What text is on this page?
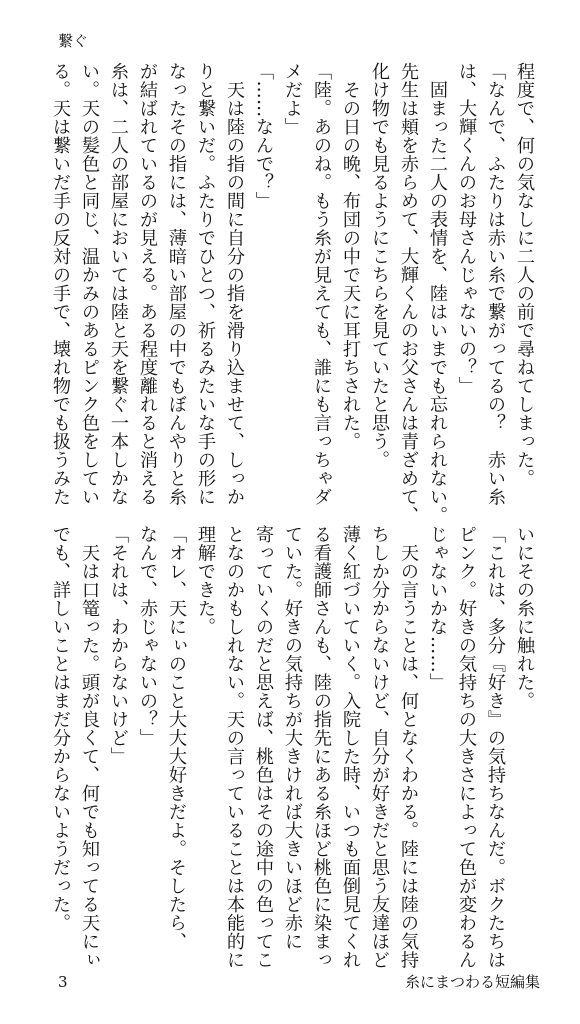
繋ぐ
程度で、何の気なしに二人の前で尋ねてしまった。
「なんで、ふたりは赤い糸で繋がってるの？　赤い糸
は、大輝くんのお母さんじゃないの？」
　固まった二人の表情を、陸はいまでも忘れられない。
先生は頬を赤らめて、大輝くんのお父さんは青ざめて、
化け物でも見るようにこちらを見ていたと思う。
　その日の晩、布団の中で天に耳打ちされた。
「陸。あのね。もう糸が見えても、誰にも言っちゃダ
メだよ」
「……なんで？」
　天は陸の指の間に自分の指を滑り込ませて、しっか
りと繋いだ。ふたりでひとつ、祈るみたいな手の形に
なったその指には、薄暗い部屋の中でもぼんやりと糸
が結ばれているのが見える。ある程度離れると消える
糸は、二人の部屋においては陸と天を繋ぐ一本しかな
い。天の髪色と同じ、温かみのあるピンク色をしてい
る。天は繋いだ手の反対の手で、壊れ物でも扱うみた
いにその糸に触れた。
「これは、多分『好き』の気持ちなんだ。ボクたちは
ピンク。好きの気持ちの大きさによって色が変わるん
じゃないかな……」
　天の言うことは、何となくわかる。陸には陸の気持
ちしか分からないけど、自分が好きだと思う友達ほど
薄く紅づいていく。入院した時、いつも面倒見てくれ
る看護師さんも、陸の指先にある糸ほど桃色に染まっ
ていた。好きの気持ちが大きければ大きいほど赤に
寄っていくのだと思えば、桃色はその途中の色ってこ
となのかもしれない。天の言っていることは本能的に
理解できた。
「オレ、天にぃのこと大大大好きだよ。そしたら、
なんで、赤じゃないの？」
「それは、わからないけど」
　天は口篭った。頭が良くて、何でも知ってる天にぃ
でも、詳しいことはまだ分からないようだった。
3	糸にまつわる短編集
